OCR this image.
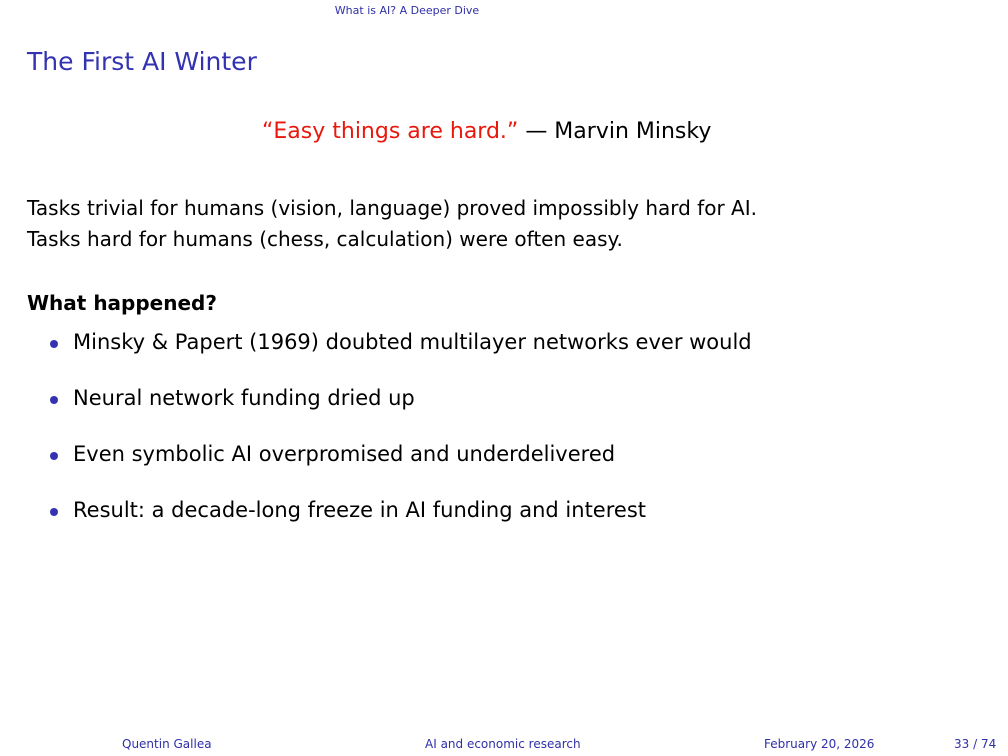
What is AI? A Deeper Dive
The First AI Winter
“Easy things are hard.” — Marvin Minsky
Tasks trivial for humans (vision, language) proved impossibly hard for AI.
Tasks hard for humans (chess, calculation) were often easy.
What happened?
Minsky & Papert (1969) doubted multilayer networks ever would
Neural network funding dried up
Even symbolic AI overpromised and underdelivered
Result: a decade-long freeze in AI funding and interest
Quentin Gallea	AI and economic research	February 20, 2026	33 / 74
